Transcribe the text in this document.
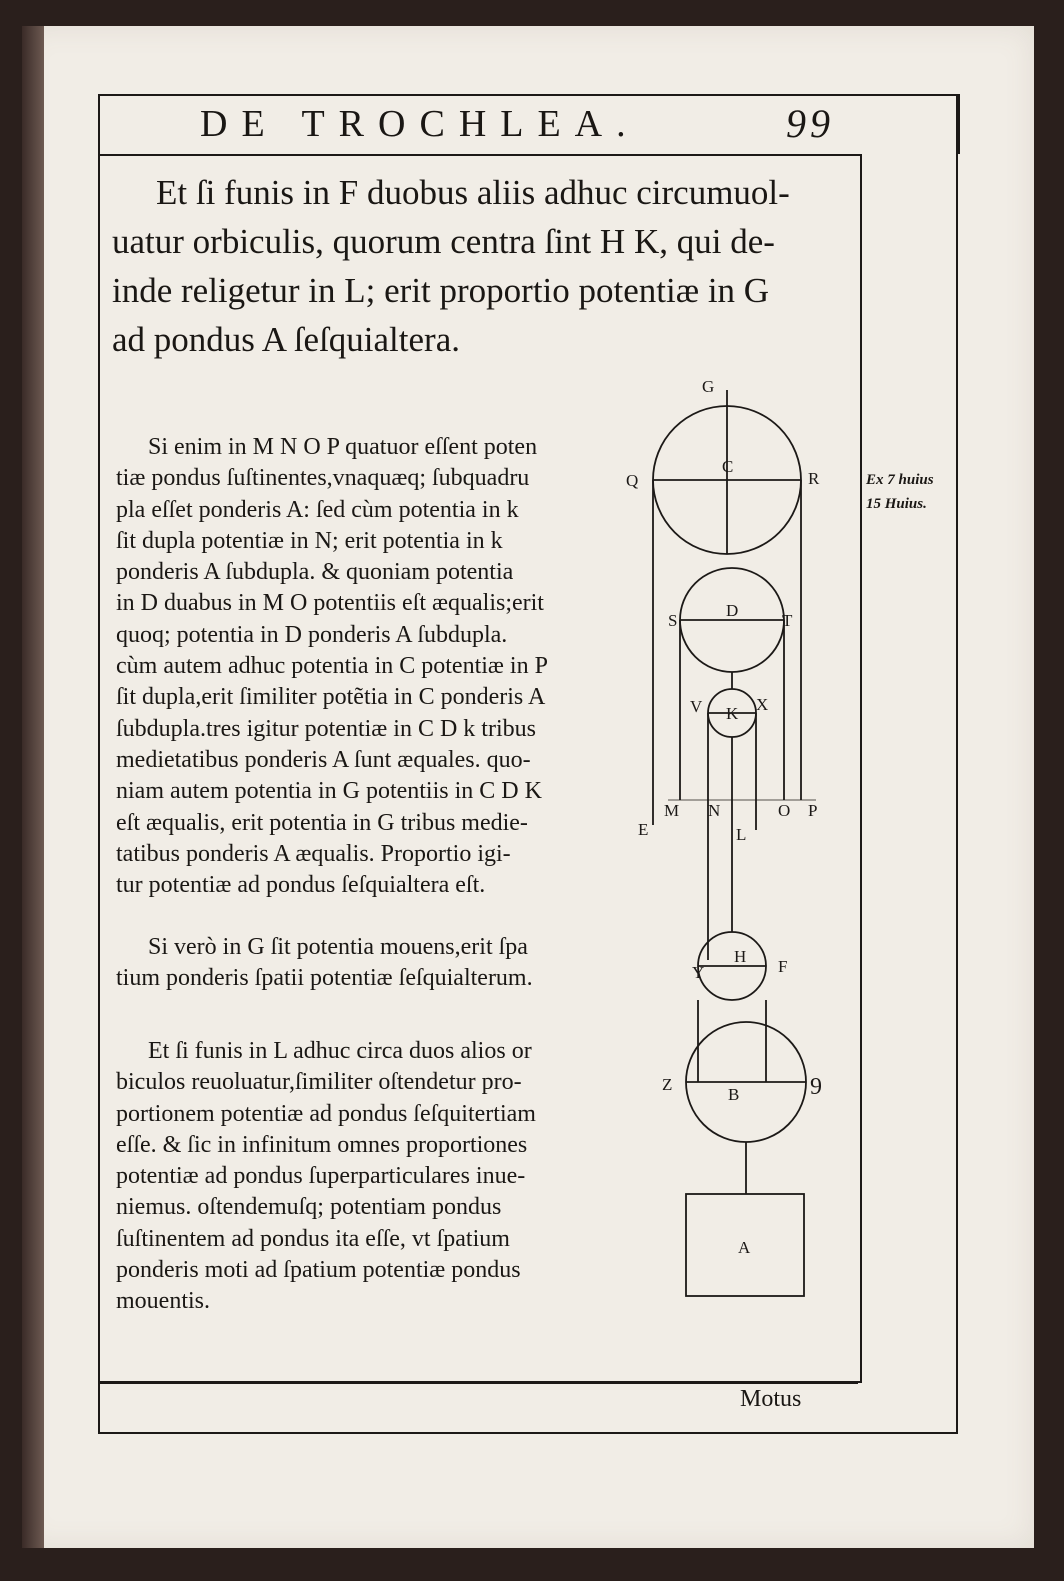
DE TROCHLEA.	99
Et ſi funis in F duobus aliis adhuc circumuol-
uatur orbiculis, quorum centra ſint H K, qui de-
inde religetur in L; erit proportio potentiæ in G
ad pondus A ſeſquialtera.
Si enim in M N O P quatuor eſſent poten
tiæ pondus ſuſtinentes,vnaquæq; ſubquadru
pla eſſet ponderis A: ſed cùm potentia in k
ſit dupla potentiæ in N; erit potentia in k
ponderis A ſubdupla. & quoniam potentia
in D duabus in M O potentiis eſt æqualis;erit
quoq; potentia in D ponderis A ſubdupla.
cùm autem adhuc potentia in C potentiæ in P
ſit dupla,erit ſimiliter potẽtia in C ponderis A
ſubdupla.tres igitur potentiæ in C D k tribus
medietatibus ponderis A ſunt æquales. quo-
niam autem potentia in G potentiis in C D K
eſt æqualis, erit potentia in G tribus medie-
tatibus ponderis A æqualis. Proportio igi-
tur potentiæ ad pondus ſeſquialtera eſt.
Si verò in G ſit potentia mouens,erit ſpa
tium ponderis ſpatii potentiæ ſeſquialterum.
Et ſi funis in L adhuc circa duos alios or
biculos reuoluatur,ſimiliter oſtendetur pro-
portionem potentiæ ad pondus ſeſquitertiam
eſſe. & ſic in infinitum omnes proportiones
potentiæ ad pondus ſuperparticulares inue-
niemus. oſtendemuſq; potentiam pondus
ſuſtinentem ad pondus ita eſſe, vt ſpatium
ponderis moti ad ſpatium potentiæ pondus
mouentis.
Ex 7 huius
15 Huius.
Motus
G
C
Q	R
S
D
T
V K X
M N	O P
E	L
H
Y	F
Z
B	9
A
